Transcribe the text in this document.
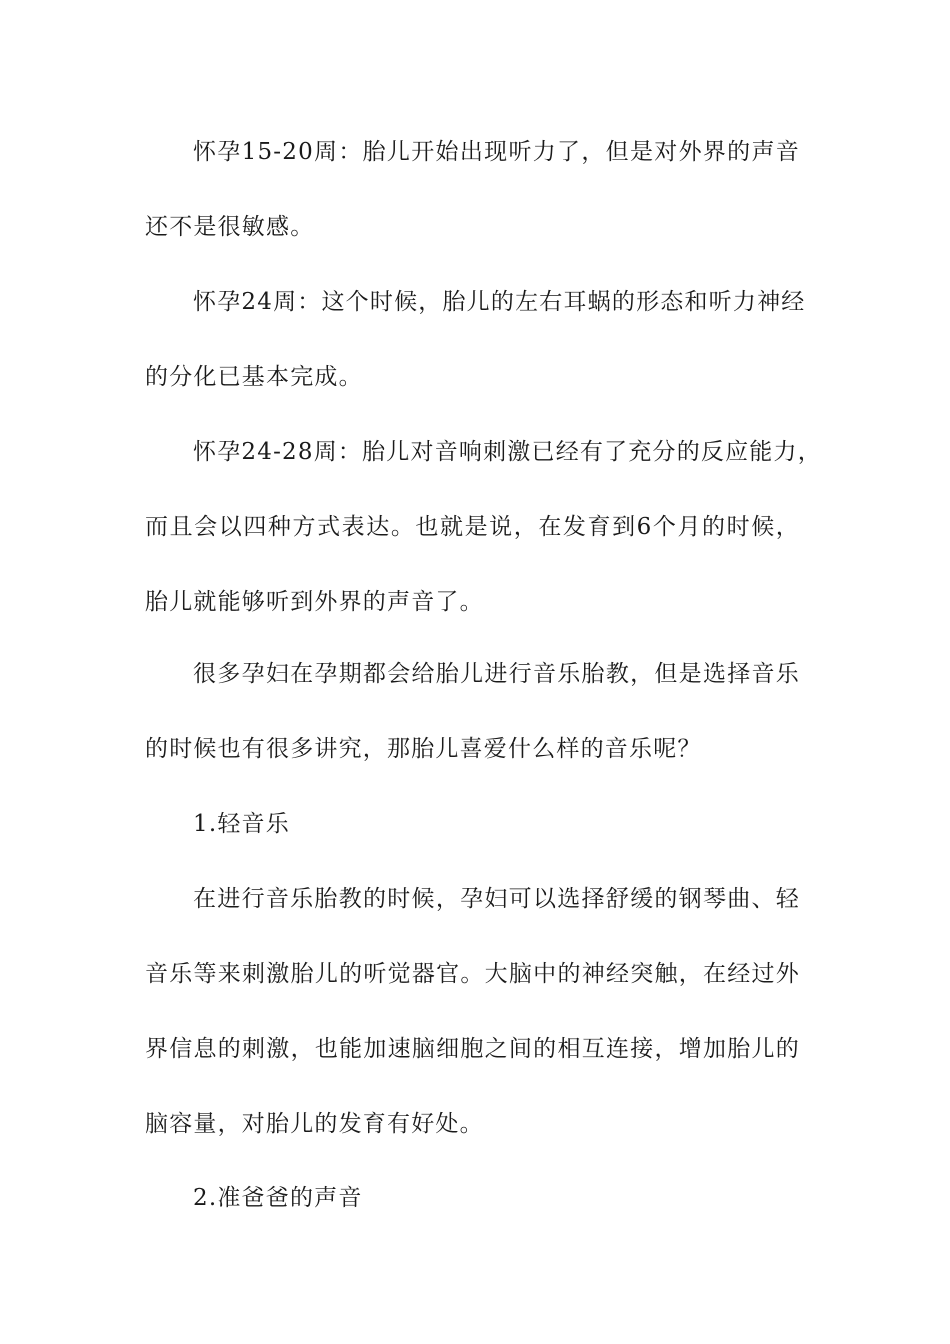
怀孕15-20周：胎儿开始出现听力了，但是对外界的声音
还不是很敏感。
怀孕24周：这个时候，胎儿的左右耳蜗的形态和听力神经
的分化已基本完成。
怀孕24-28周：胎儿对音响刺激已经有了充分的反应能力，
而且会以四种方式表达。也就是说，在发育到6个月的时候，
胎儿就能够听到外界的声音了。
很多孕妇在孕期都会给胎儿进行音乐胎教，但是选择音乐
的时候也有很多讲究，那胎儿喜爱什么样的音乐呢？
1.轻音乐
在进行音乐胎教的时候，孕妇可以选择舒缓的钢琴曲、轻
音乐等来刺激胎儿的听觉器官。大脑中的神经突触，在经过外
界信息的刺激，也能加速脑细胞之间的相互连接，增加胎儿的
脑容量，对胎儿的发育有好处。
2.准爸爸的声音
